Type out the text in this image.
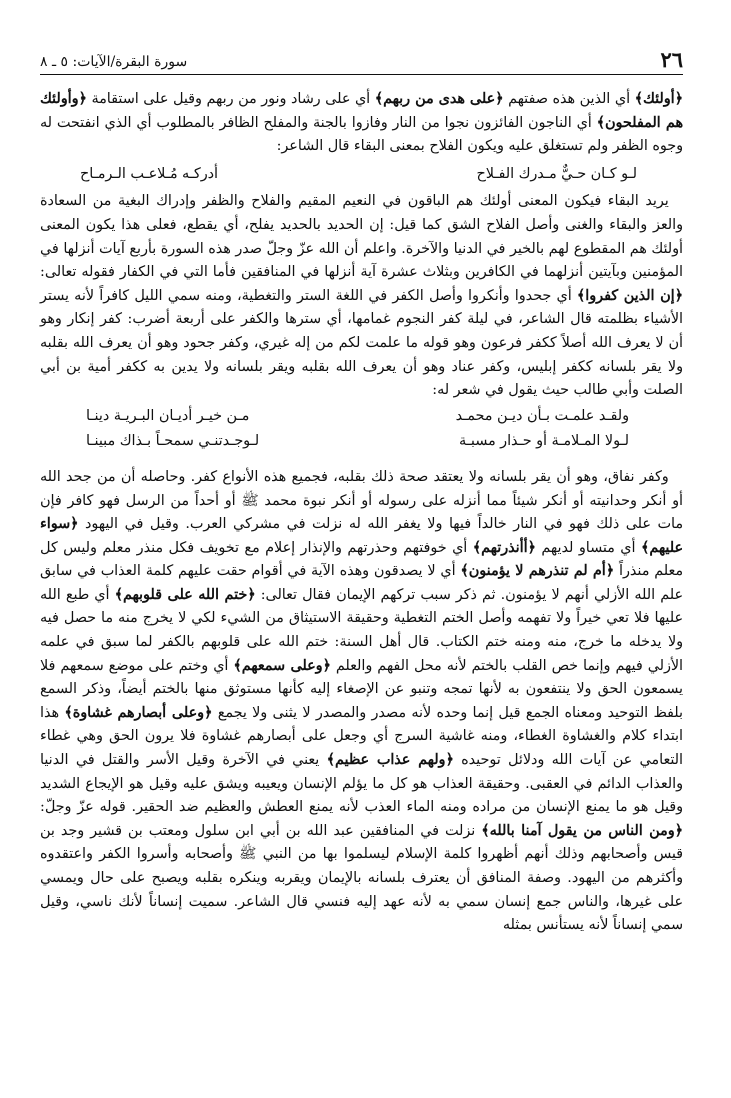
٢٦
سورة البقرة/الآيات: ٥ ـ ٨

﴿أولئك﴾ أي الذين هذه صفتهم ﴿على هدى من ربهم﴾ أي على رشاد ونور من ربهم وقيل على استقامة ﴿وأولئك هم المفلحون﴾ أي الناجون الفائزون نجوا من النار وفازوا بالجنة والمفلح الظافر بالمطلوب أي الذي انفتحت له وجوه الظفر ولم تستغلق عليه ويكون الفلاح بمعنى البقاء قال الشاعر:

لـو كـان حـيٌّ مـدرك الفـلاح
أدركـه مُـلاعـب الـرمـاح

 يريد البقاء فيكون المعنى أولئك هم الباقون في النعيم المقيم والفلاح والظفر وإدراك البغية من السعادة والعز والبقاء والغنى وأصل الفلاح الشق كما قيل: إن الحديد بالحديد يفلح، أي يقطع، فعلى هذا يكون المعنى أولئك هم المقطوع لهم بالخير في الدنيا والآخرة. واعلم أن الله عزّ وجلّ صدر هذه السورة بأربع آيات أنزلها في المؤمنين وبآيتين أنزلهما في الكافرين وبثلاث عشرة آية أنزلها في المنافقين فأما التي في الكفار فقوله تعالى: ﴿إن الذين كفروا﴾ أي جحدوا وأنكروا وأصل الكفر في اللغة الستر والتغطية، ومنه سمي الليل كافراً لأنه يستر الأشياء بظلمته قال الشاعر، في ليلة كفر النجوم غمامها، أي سترها والكفر على أربعة أضرب: كفر إنكار وهو أن لا يعرف الله أصلاً ككفر فرعون وهو قوله ما علمت لكم من إله غيري، وكفر جحود وهو أن يعرف الله بقلبه ولا يقر بلسانه ككفر إبليس، وكفر عناد وهو أن يعرف الله بقلبه ويقر بلسانه ولا يدين به ككفر أمية بن أبي الصلت وأبي طالب حيث يقول في شعر له:

ولقـد علمـت بـأن ديـن محمـد
مـن خيـر أديـان البـريـة دينـا
لـولا المـلامـة أو حـذار مسبـة
لـوجـدتنـي سمحـاً بـذاك مبينـا

 وكفر نفاق، وهو أن يقر بلسانه ولا يعتقد صحة ذلك بقلبه، فجميع هذه الأنواع كفر. وحاصله أن من جحد الله أو أنكر وحدانيته أو أنكر شيئاً مما أنزله على رسوله أو أنكر نبوة محمد ﷺ أو أحداً من الرسل فهو كافر فإن مات على ذلك فهو في النار خالداً فيها ولا يغفر الله له نزلت في مشركي العرب. وقيل في اليهود ﴿سواء عليهم﴾ أي متساو لديهم ﴿أأنذرتهم﴾ أي خوفتهم وحذرتهم والإنذار إعلام مع تخويف فكل منذر معلم وليس كل معلم منذراً ﴿أم لم تنذرهم لا يؤمنون﴾ أي لا يصدقون وهذه الآية في أقوام حقت عليهم كلمة العذاب في سابق علم الله الأزلي أنهم لا يؤمنون. ثم ذكر سبب تركهم الإيمان فقال تعالى: ﴿ختم الله على قلوبهم﴾ أي طبع الله عليها فلا تعي خيراً ولا تفهمه وأصل الختم التغطية وحقيقة الاستيثاق من الشيء لكي لا يخرج منه ما حصل فيه ولا يدخله ما خرج، منه ومنه ختم الكتاب. قال أهل السنة: ختم الله على قلوبهم بالكفر لما سبق في علمه الأزلي فيهم وإنما خص القلب بالختم لأنه محل الفهم والعلم ﴿وعلى سمعهم﴾ أي وختم على موضع سمعهم فلا يسمعون الحق ولا ينتفعون به لأنها تمجه وتنبو عن الإصغاء إليه كأنها مستوثق منها بالختم أيضاً، وذكر السمع بلفظ التوحيد ومعناه الجمع قيل إنما وحده لأنه مصدر والمصدر لا يثنى ولا يجمع ﴿وعلى أبصارهم غشاوة﴾ هذا ابتداء كلام والغشاوة الغطاء، ومنه غاشية السرج أي وجعل على أبصارهم غشاوة فلا يرون الحق وهي غطاء التعامي عن آيات الله ودلائل توحيده ﴿ولهم عذاب عظيم﴾ يعني في الآخرة وقيل الأسر والقتل في الدنيا والعذاب الدائم في العقبى. وحقيقة العذاب هو كل ما يؤلم الإنسان ويعيبه ويشق عليه وقيل هو الإيجاع الشديد وقيل هو ما يمنع الإنسان من مراده ومنه الماء العذب لأنه يمنع العطش والعظيم ضد الحقير. قوله عزّ وجلّ: ﴿ومن الناس من يقول آمنا بالله﴾ نزلت في المنافقين عبد الله بن أبي ابن سلول ومعتب بن قشير وجد بن قيس وأصحابهم وذلك أنهم أظهروا كلمة الإسلام ليسلموا بها من النبي ﷺ وأصحابه وأسروا الكفر واعتقدوه وأكثرهم من اليهود. وصفة المنافق أن يعترف بلسانه بالإيمان ويقربه وينكره بقلبه ويصبح على حال ويمسي على غيرها، والناس جمع إنسان سمي به لأنه عهد إليه فنسي قال الشاعر. سميت إنساناً لأنك ناسي، وقيل سمي إنساناً لأنه يستأنس بمثله
